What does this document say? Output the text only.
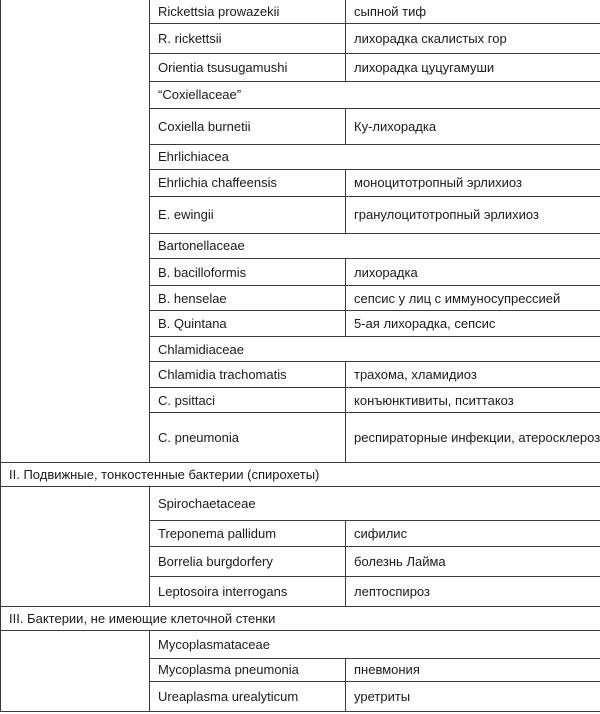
	Rickettsia prowazekii	сыпной тиф
	R. rickettsii	лихорадка скалистых гор
	Orientia tsusugamushi	лихорадка цуцугамуши
	“Coxiellaceae”	
	Coxiella burnetii	Ку-лихорадка
	Ehrlichiacea	
	Ehrlichia chaffeensis	моноцитотропный эрлихиоз
	E. ewingii	гранулоцитотропный эрлихиоз
	Bartonellaceae	
	B. bacilloformis	лихорадка
	B. henselae	сепсис у лиц с иммуносупрессией
	B. Quintana	5-ая лихорадка, сепсис
	Chlamidiaceae	
	Chlamidia trachomatis	трахома, хламидиоз
	C. psittaci	конъюнктивиты, пситтакоз
	C. pneumonia	респираторные инфекции, атеросклероз
II. Подвижные, тонкостенные бактерии (спирохеты)		
	Spirochaetaceae	
	Treponema pallidum	сифилис
	Borrelia burgdorfery	болезнь Лайма
	Leptosoira interrogans	лептоспироз
III. Бактерии, не имеющие клеточной стенки		
	Mycoplasmataceae	
	Mycoplasma pneumonia	пневмония
	Ureaplasma urealyticum	уретриты
